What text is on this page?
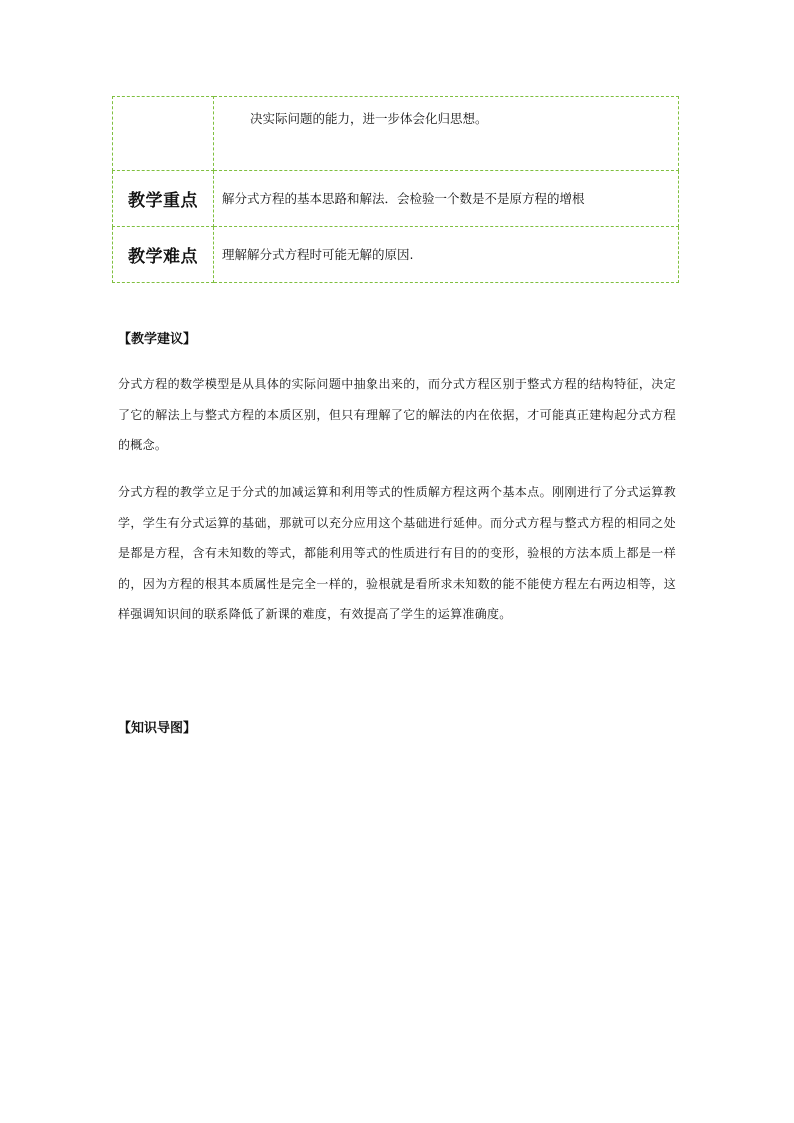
	决实际问题的能力，进一步体会化归思想。
教学重点	解分式方程的基本思路和解法．会检验一个数是不是原方程的增根
教学难点	理解解分式方程时可能无解的原因.
【教学建议】
分式方程的数学模型是从具体的实际问题中抽象出来的，而分式方程区别于整式方程的结构特征，决定了它的解法上与整式方程的本质区别，但只有理解了它的解法的内在依据，才可能真正建构起分式方程的概念。
分式方程的教学立足于分式的加减运算和利用等式的性质解方程这两个基本点。刚刚进行了分式运算教学，学生有分式运算的基础，那就可以充分应用这个基础进行延伸。而分式方程与整式方程的相同之处是都是方程，含有未知数的等式，都能利用等式的性质进行有目的的变形，验根的方法本质上都是一样的，因为方程的根其本质属性是完全一样的，验根就是看所求未知数的能不能使方程左右两边相等，这样强调知识间的联系降低了新课的难度，有效提高了学生的运算准确度。
【知识导图】
